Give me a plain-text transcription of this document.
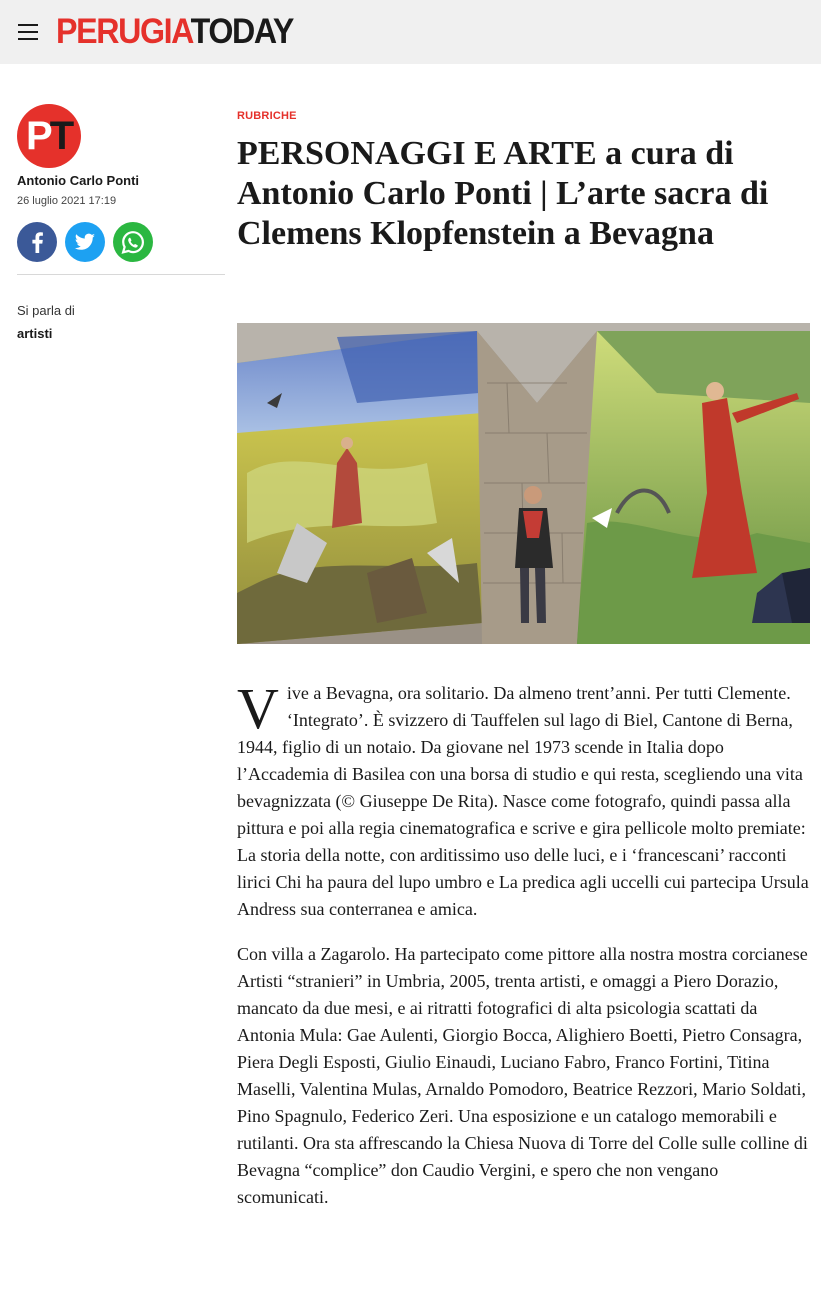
PERUGIATODAY
PT
Antonio Carlo Ponti
26 luglio 2021 17:19
Si parla di
artisti
RUBRICHE
PERSONAGGI E ARTE a cura di Antonio Carlo Ponti | L’arte sacra di Clemens Klopfenstein a Bevagna

Vive a Bevagna, ora solitario. Da almeno trent’anni. Per tutti Clemente. ‘Integrato’. È svizzero di Tauffelen sul lago di Biel, Cantone di Berna, 1944, figlio di un notaio. Da giovane nel 1973 scende in Italia dopo l’Accademia di Basilea con una borsa di studio e qui resta, scegliendo una vita bevagnizzata (© Giuseppe De Rita). Nasce come fotografo, quindi passa alla pittura e poi alla regia cinematografica e scrive e gira pellicole molto premiate: La storia della notte, con arditissimo uso delle luci, e i ‘francescani’ racconti lirici Chi ha paura del lupo umbro e La predica agli uccelli cui partecipa Ursula Andress sua conterranea e amica.

Con villa a Zagarolo. Ha partecipato come pittore alla nostra mostra corcianese Artisti “stranieri” in Umbria, 2005, trenta artisti, e omaggi a Piero Dorazio, mancato da due mesi, e ai ritratti fotografici di alta psicologia scattati da Antonia Mula: Gae Aulenti, Giorgio Bocca, Alighiero Boetti, Pietro Consagra, Piera Degli Esposti, Giulio Einaudi, Luciano Fabro, Franco Fortini, Titina Maselli, Valentina Mulas, Arnaldo Pomodoro, Beatrice Rezzori, Mario Soldati, Pino Spagnulo, Federico Zeri. Una esposizione e un catalogo memorabili e rutilanti. Ora sta affrescando la Chiesa Nuova di Torre del Colle sulle colline di Bevagna “complice” don Caudio Vergini, e spero che non vengano scomunicati.
